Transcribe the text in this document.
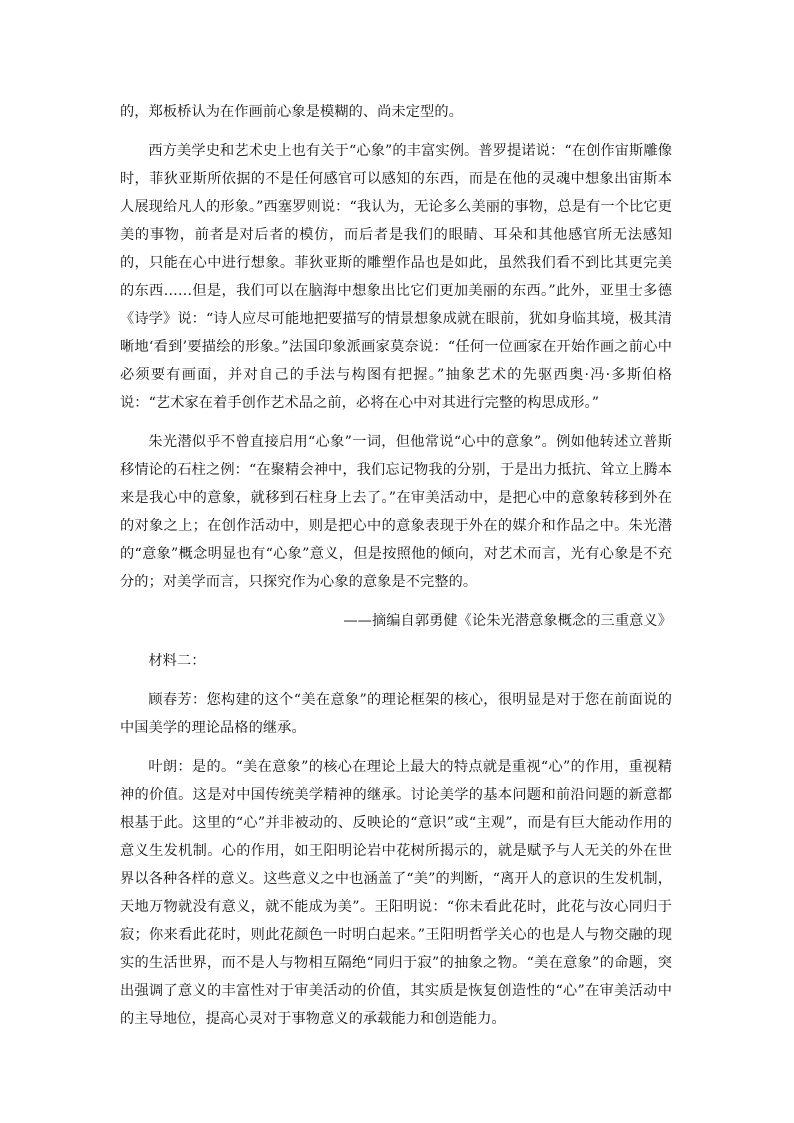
的，郑板桥认为在作画前心象是模糊的、尚未定型的。

西方美学史和艺术史上也有关于“心象”的丰富实例。普罗提诺说：“在创作宙斯雕像时，菲狄亚斯所依据的不是任何感官可以感知的东西，而是在他的灵魂中想象出宙斯本人展现给凡人的形象。”西塞罗则说：“我认为，无论多么美丽的事物，总是有一个比它更美的事物，前者是对后者的模仿，而后者是我们的眼睛、耳朵和其他感官所无法感知的，只能在心中进行想象。菲狄亚斯的雕塑作品也是如此，虽然我们看不到比其更完美的东西……但是，我们可以在脑海中想象出比它们更加美丽的东西。”此外，亚里士多德《诗学》说：“诗人应尽可能地把要描写的情景想象成就在眼前，犹如身临其境，极其清晰地‘看到’要描绘的形象。”法国印象派画家莫奈说：“任何一位画家在开始作画之前心中必须要有画面，并对自己的手法与构图有把握。”抽象艺术的先驱西奥·冯·多斯伯格说：“艺术家在着手创作艺术品之前，必将在心中对其进行完整的构思成形。”

朱光潜似乎不曾直接启用“心象”一词，但他常说“心中的意象”。例如他转述立普斯移情论的石柱之例：“在聚精会神中，我们忘记物我的分别，于是出力抵抗、耸立上腾本来是我心中的意象，就移到石柱身上去了。”在审美活动中，是把心中的意象转移到外在的对象之上；在创作活动中，则是把心中的意象表现于外在的媒介和作品之中。朱光潜的“意象”概念明显也有“心象”意义，但是按照他的倾向，对艺术而言，光有心象是不充分的；对美学而言，只探究作为心象的意象是不完整的。

——摘编自郭勇健《论朱光潜意象概念的三重意义》

材料二：

顾春芳：您构建的这个“美在意象”的理论框架的核心，很明显是对于您在前面说的中国美学的理论品格的继承。

叶朗：是的。“美在意象”的核心在理论上最大的特点就是重视“心”的作用，重视精神的价值。这是对中国传统美学精神的继承。讨论美学的基本问题和前沿问题的新意都根基于此。这里的“心”并非被动的、反映论的“意识”或“主观”，而是有巨大能动作用的意义生发机制。心的作用，如王阳明论岩中花树所揭示的，就是赋予与人无关的外在世界以各种各样的意义。这些意义之中也涵盖了“美”的判断，“离开人的意识的生发机制，天地万物就没有意义，就不能成为美”。王阳明说：“你未看此花时，此花与汝心同归于寂；你来看此花时，则此花颜色一时明白起来。”王阳明哲学关心的也是人与物交融的现实的生活世界，而不是人与物相互隔绝“同归于寂”的抽象之物。“美在意象”的命题，突出强调了意义的丰富性对于审美活动的价值，其实质是恢复创造性的“心”在审美活动中的主导地位，提高心灵对于事物意义的承载能力和创造能力。
